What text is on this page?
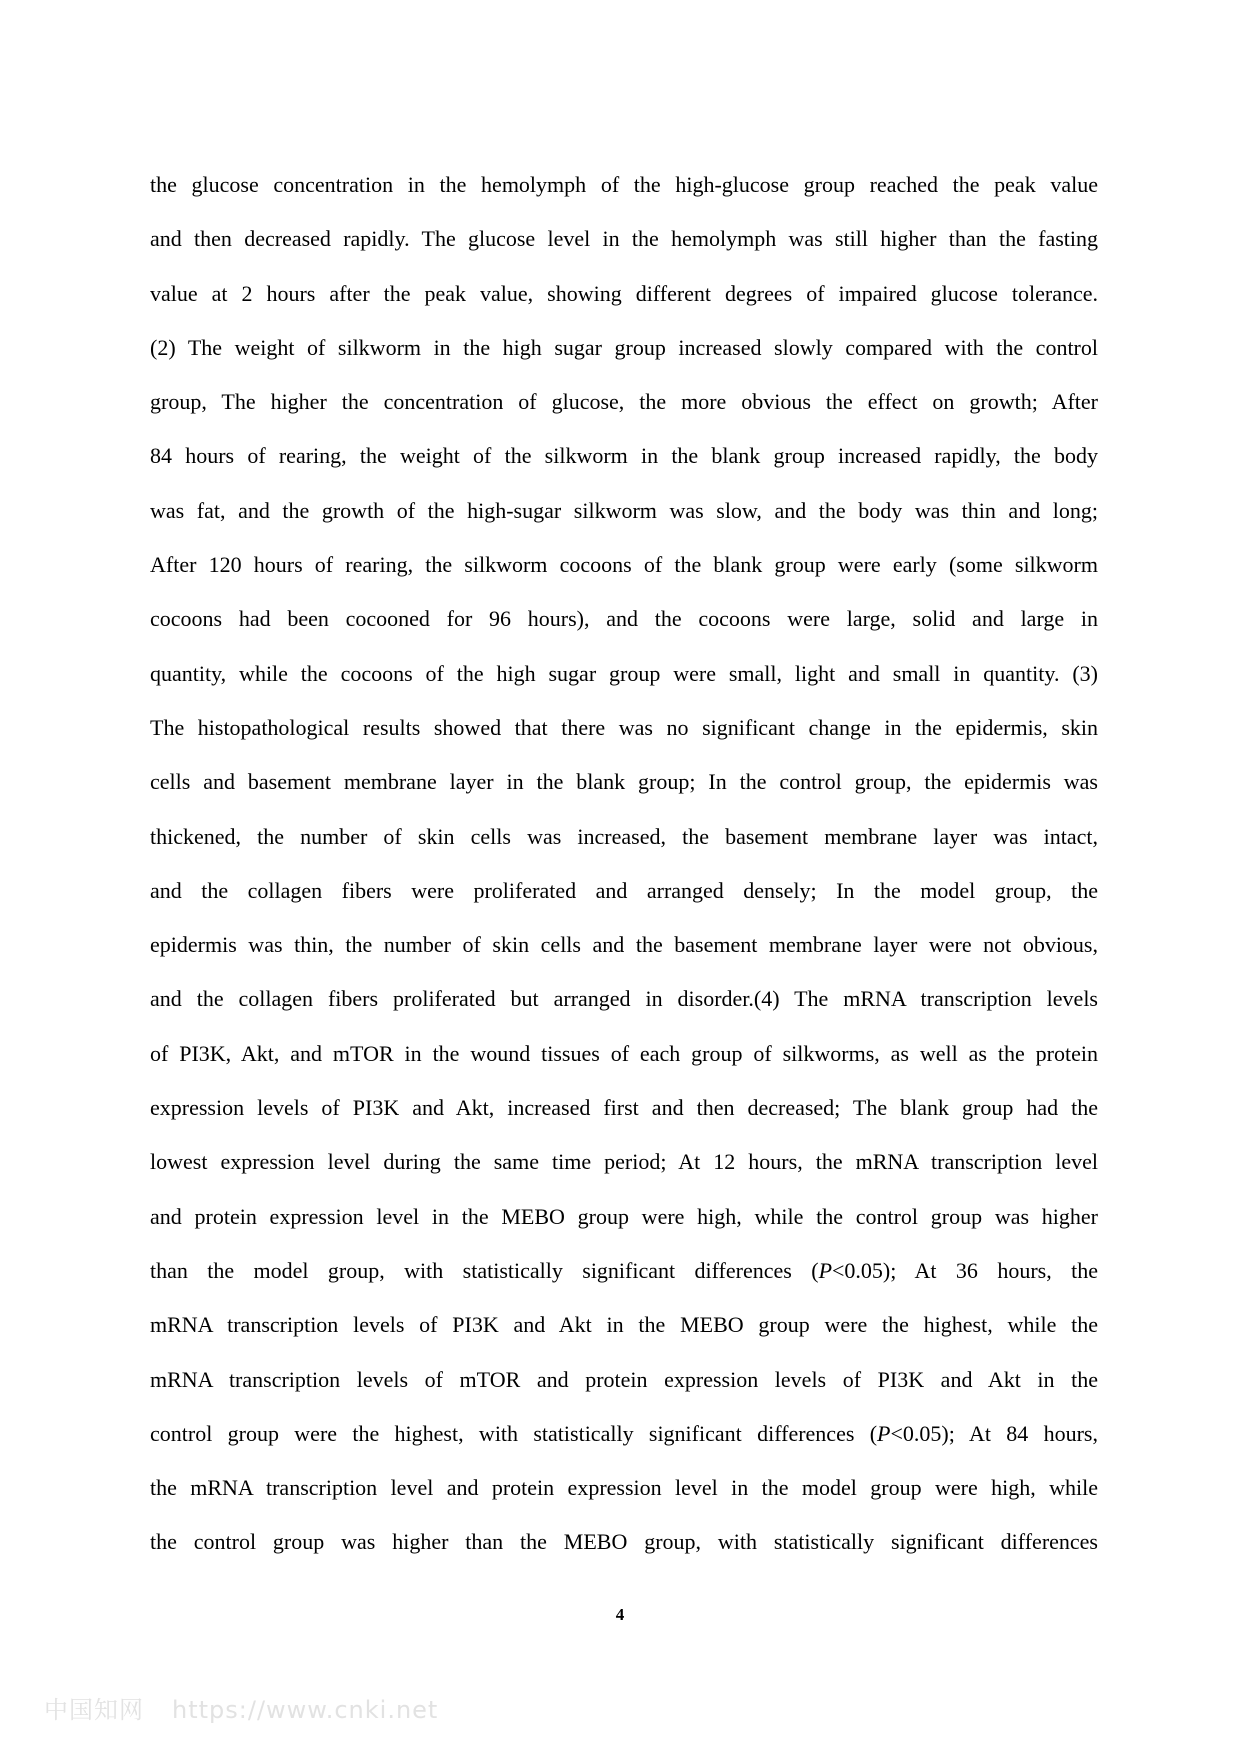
the glucose concentration in the hemolymph of the high-glucose group reached the peak value
and then decreased rapidly. The glucose level in the hemolymph was still higher than the fasting
value at 2 hours after the peak value, showing different degrees of impaired glucose tolerance.
(2) The weight of silkworm in the high sugar group increased slowly compared with the control
group, The higher the concentration of glucose, the more obvious the effect on growth; After
84 hours of rearing, the weight of the silkworm in the blank group increased rapidly, the body
was fat, and the growth of the high-sugar silkworm was slow, and the body was thin and long;
After 120 hours of rearing, the silkworm cocoons of the blank group were early (some silkworm
cocoons had been cocooned for 96 hours), and the cocoons were large, solid and large in
quantity, while the cocoons of the high sugar group were small, light and small in quantity. (3)
The histopathological results showed that there was no significant change in the epidermis, skin
cells and basement membrane layer in the blank group; In the control group, the epidermis was
thickened, the number of skin cells was increased, the basement membrane layer was intact,
and the collagen fibers were proliferated and arranged densely; In the model group, the
epidermis was thin, the number of skin cells and the basement membrane layer were not obvious,
and the collagen fibers proliferated but arranged in disorder.(4) The mRNA transcription levels
of PI3K, Akt, and mTOR in the wound tissues of each group of silkworms, as well as the protein
expression levels of PI3K and Akt, increased first and then decreased; The blank group had the
lowest expression level during the same time period; At 12 hours, the mRNA transcription level
and protein expression level in the MEBO group were high, while the control group was higher
than the model group, with statistically significant differences (P<0.05); At 36 hours, the
mRNA transcription levels of PI3K and Akt in the MEBO group were the highest, while the
mRNA transcription levels of mTOR and protein expression levels of PI3K and Akt in the
control group were the highest, with statistically significant differences (P<0.05); At 84 hours,
the mRNA transcription level and protein expression level in the model group were high, while
the control group was higher than the MEBO group, with statistically significant differences
4
中国知网 https://www.cnki.net
